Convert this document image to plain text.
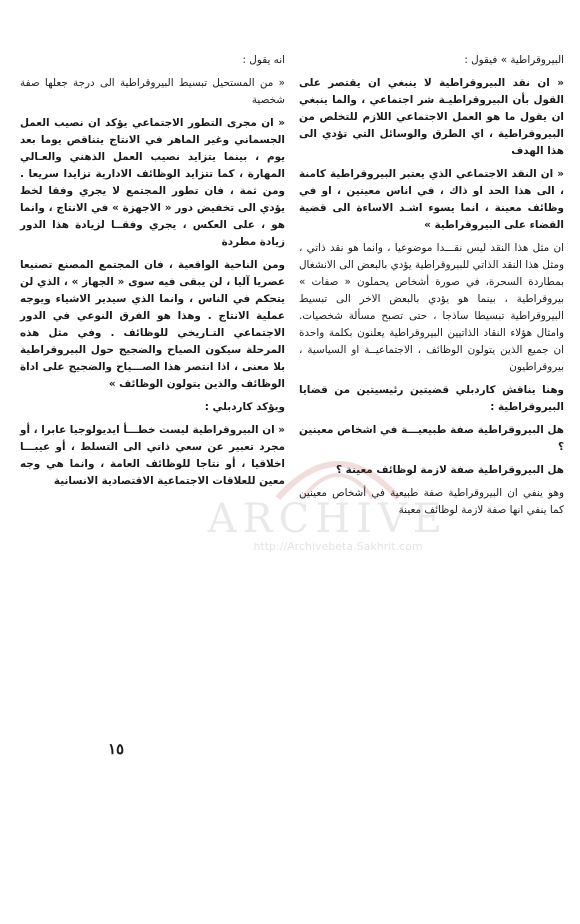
البيروقراطية » فيقول :

« ان نقد البيروقراطية لا ينبغي ان يقتصر على القول بأن البيروقراطيـة شر اجتماعي ، والما ينبغي ان يقول ما هو العمل الاجتماعي اللازم للتخلص من البيروقراطية ، اي الطرق والوسائل التي تؤدي الى هذا الهدف

« ان النقد الاجتماعي الذي يعتبر البيروقراطية كامنة ، الى هذا الحد او ذاك ، في اناس معينين ، او في وظائف معينة ، انما يسوء اشـد الاساءة الى قضية القضاء على البيروقراطية »

ان مثل هذا النقد ليس نقـــدا موضوعيا ، وانما هو نقد ذاتي ، ومثل هذا النقد الذاتي للبيروقراطية يؤدي بالبعض الى الانشغال بمطاردة السحرة، في صورة أشخاص يحملون « صفات » بيروقراطية ، بينما هو يؤدي بالبعض الاخر الى تبسيط البيروقراطية تبسيطا ساذجا ، حتى تصبح مسألة شخصيات. وامثال هؤلاء النقاد الذاتيين البيروقراطية يعلنون بكلمة واحدة ان جميع الذين يتولون الوظائف ، الاجتماعيــة او السياسية ، بيروقراطيون

وهنا يناقش كاردبلي قضيتين رئيسيتين من قضايا البيروقراطية :

هل البيروقراطية صفة طبيعيـــة في اشخاص معينين ؟

هل البيروقراطية صفة لازمة لوظائف معينة ؟

وهو ينفي ان البيروقراطية صفة طبيعية في أشخاص معينين كما ينفي انها صفة لازمة لوظائف معينة

انه يقول :

« من المستحيل تبسيط البيروقراطية الى درجة جعلها صفة شخصية

« ان مجرى التطور الاجتماعي يؤكد ان نصيب العمل الجسماني وغير الماهر في الانتاج يتناقص يوما بعد يوم ، بينما يتزايد نصيب العمل الذهني والعـالي المهارة ، كما تتزايد الوظائف الادارية تزايدا سريعا . ومن ثمة ، فان تطور المجتمع لا يجري وفقا لخط يؤدي الى تخفيض دور « الاجهزة » في الانتاج ، وانما هو ، على العكس ، يجري وفقــا لزيادة هذا الدور زيادة مطردة

ومن الناحية الواقعية ، فان المجتمع المصنع تصنيعا عصريا آليا ، لن يبقى فيه سوى « الجهاز » ، الذي لن يتحكم في الناس ، وانما الذي سيدير الاشياء ويوجه عملية الانتاج . وهذا هو الفرق النوعي في الدور الاجتماعي التـاريخي للوظائف . وفي مثل هذه المرحلة سيكون الصياح والضجيج حول البيروقراطية بلا معنى ، اذا انتصر هذا الصـــياح والضجيج على اداة الوظائف والذين يتولون الوظائف »

ويؤكد كاردبلي :

« ان البيروقراطية ليست خطـــأ ايديولوجيا عابرا ، أو مجرد تعبير عن سعي ذاتي الى التسلط ، أو عيبـــا اخلاقيا ، أو نتاجا للوظائف العامة ، وانما هي وجه معين للعلاقات الاجتماعية الاقتصادية الانسانية

١٥
ARCHIVE
http://Archivebeta.Sakhrit.com
